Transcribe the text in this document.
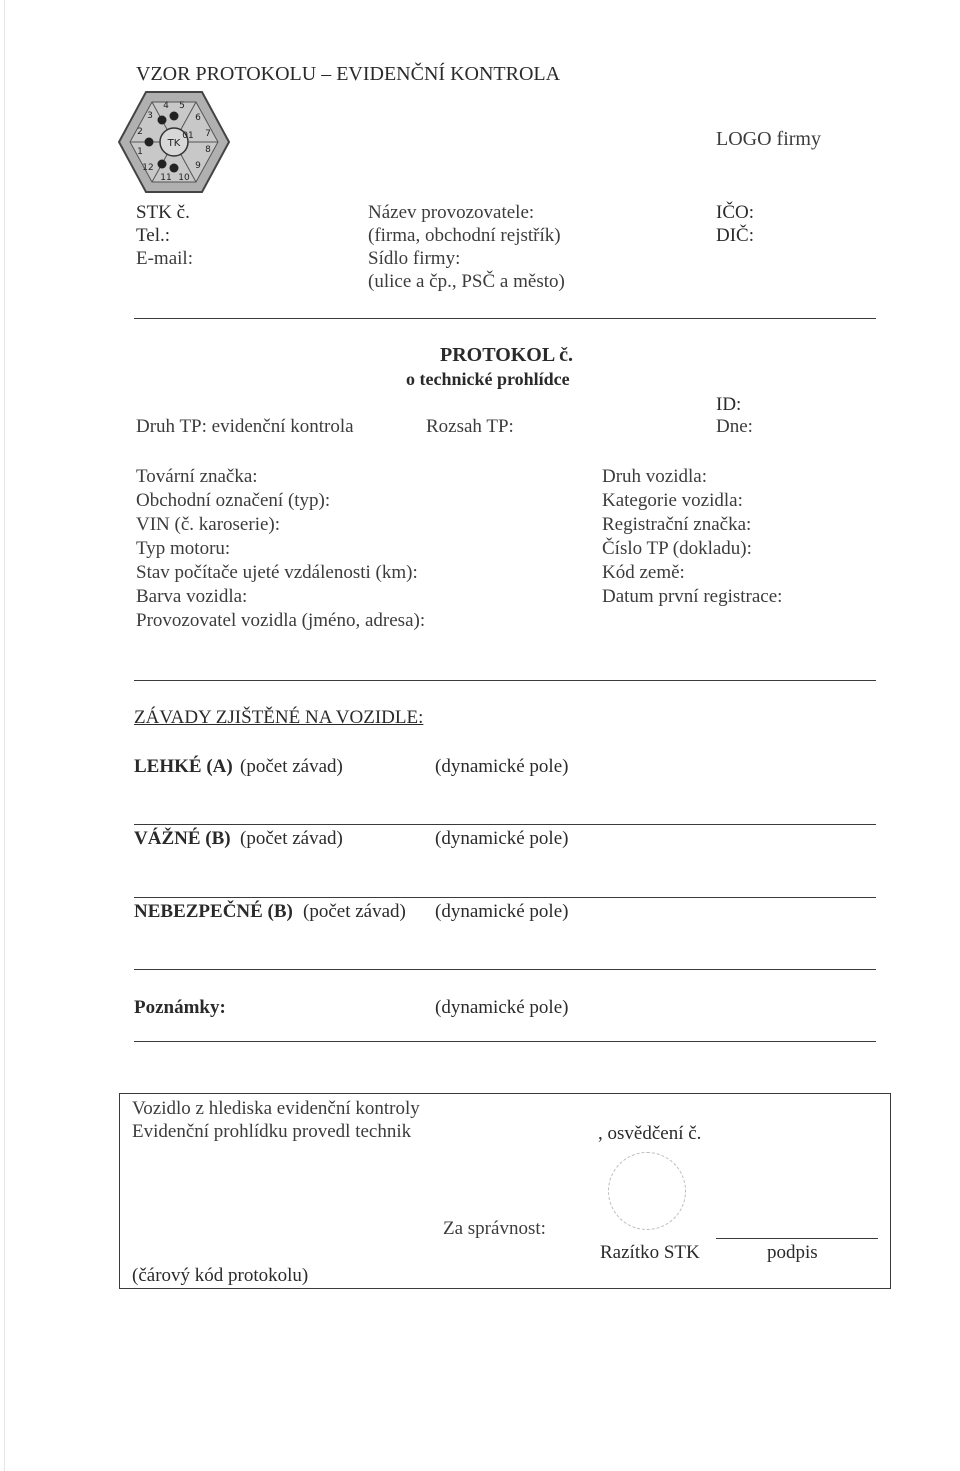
VZOR PROTOKOLU – EVIDENČNÍ KONTROLA
TK
4 5
6
7
8
9
10
11
12
1
2
3
01	LOGO firmy
STK č.
Tel.:
E-mail:
Název provozovatele:
(firma, obchodní rejstřík)
Sídlo firmy:
(ulice a čp., PSČ a město)
IČO:
DIČ:
PROTOKOL č.
o technické prohlídce
ID:
Druh TP: evidenční kontrola	Rozsah TP:	Dne:
Tovární značka:
Obchodní označení (typ):
VIN (č. karoserie):
Typ motoru:
Stav počítače ujeté vzdálenosti (km):
Barva vozidla:
Provozovatel vozidla (jméno, adresa):
Druh vozidla:
Kategorie vozidla:
Registrační značka:
Číslo TP (dokladu):
Kód země:
Datum první registrace:
ZÁVADY ZJIŠTĚNÉ NA VOZIDLE:
LEHKÉ (A) (počet závad)	(dynamické pole)
VÁŽNÉ (B) (počet závad)	(dynamické pole)
NEBEZPEČNÉ (B) (počet závad) (dynamické pole)
Poznámky:	(dynamické pole)
Vozidlo z hlediska evidenční kontroly
Evidenční prohlídku provedl technik	, osvědčení č.
Za správnost:
Razítko STK	podpis
(čárový kód protokolu)
